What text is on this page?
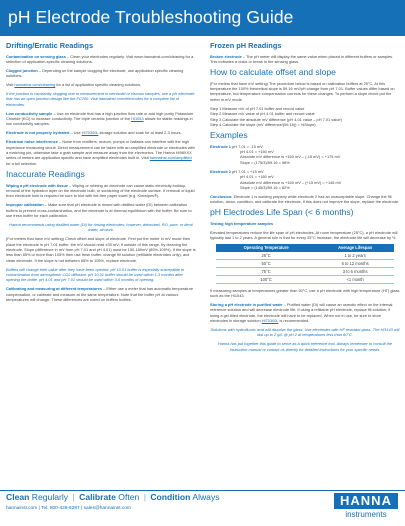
pH Electrode Troubleshooting Guide
Drifting/Erratic Readings

Contamination on sensing glass – Clean your electrodes regularly. Visit www.hannainst.com/cleaning for a selection of application-specific cleaning solutions.

Clogged junction – Depending on the sample clogging the electrode, use application specific cleaning solutions.

Visit hannainst.com/cleaning for a list of application specific cleaning solutions.

If the junction is constantly clogging due to measurement in semisolid or viscous samples, use a pH electrode that has an open junction design like the FC200. Visit hannainst.com/electrodes for a complete list of electrodes.

Low conductivity sample – Use an electrode that has a high junction flow rate or add high purity Potassium Chloride (KCl) to increase conductivity. The triple ceramic junction of the HI1053 allows for stable readings in low conductivity samples.

Electrode is not properly hydrated – Use HI70300L storage solution and soak for at least 2-3 hours.

Electrical noise interference – Noise from rectifiers, motors, pumps or ballasts can interfere with the high impedance measuring circuit. Direct measurement can be taken with an amplified electrode or electrodes with a matching pin, otherwise take a grab sample and measure away from the electronics. The Hanna HI98XXX series of meters are application specific and have amplified electrodes built in. Visit hannainst.com/amplified for a full selection.

Inaccurate Readings

Wiping a pH electrode with tissue – Wiping or rubbing an electrode can cause static electricity buildup, removal of the hydration layer on the electrode bulb, or scratching of the electrode surface. If removal of liquid from electrode bulb is required be sure to blot with lint-free paper towel (e.g. Kimwipes®).

Improper calibration – Make sure that pH electrode is rinsed with distilled water (DI) between calibration buffers to prevent cross-contamination, and the electrode is at thermal equilibrium with the buffer. Be sure to use fresh buffer for each calibration.

Hanna recommends using distilled water (DI) for rinsing electrodes; however, deionized, RO, pure, or demi water, all work.

(For meters that have mV setting) Check offset and slope of electrode. First put the meter in mV mode then place the electrode in pH 7.01 buffer, the mV should read ±30 mV; if outside of this range, try cleaning the electrode. Slope (difference in mV from pH 7.01 and pH 4.01) must be 150-180mV (85%-105%). If the slope is less than 85% or more than 105% then use fresh buffer, change fill solution (refillable electrodes only), and clean electrode. If the slope is not between 85% to 105%, replace electrode.

Buffers will change their value after they have been opened. pH 10.01 buffer is especially susceptible to contamination from atmospheric CO2 diffusion. pH 10.01 buffer should be used within 1-3 months after opening the bottle. pH 4.01 and pH 7.01 should be used within 3-6 months of opening.

Calibrating and measuring at different temperatures – Either use a meter that has automatic temperature compensation, or calibrate and measure at the same temperature. Note that the buffer pH at various temperatures will change. These differences are noted on buffers bottles.

Frozen pH Readings

Broken electrode – The pH meter will display the same value when placed in different buffers or samples. This indicates a crack or break in the sensing glass.

How to calculate offset and slope

(For meters that have mV setting) The procedure below is based on calibration buffers at 25°C. At this temperature the 100% theoretical slope is 59.16 mV/pH change from pH 7.01. Buffer values differ based on temperature, but temperature compensation corrects for these changes. To perform a slope check put the meter in mV mode.

Step 1 Measure mV of pH 7.01 buffer and record value
Step 2 Measure mV value of pH 4.01 buffer and record value
Step 3 Calculate the absolute mV difference (pH 4.01 value – pH 7.01 value)
Step 4 Calculate the slope (mV difference/(59.16)) = %Slope)

Examples

Electrode 1 pH 7.01 = -15 mV
pH 4.01 = +160 mV
Absolute mV difference is +160 mV – (-15 mV) = +175 mV
Slope = (175/3)/59.16 = 98%

Electrode 2 pH 7.01 = +15 mV
pH 4.01 = +160 mV
Absolute mV difference is +160 mV – (+15 mV) = +145 mV
Slope = (145/3)/59.16 = 82%

Conclusion: Electrode 1 is working properly while electrode 2 has an unacceptable slope. Change the fill solution, clean, condition, and calibrate the electrode, if this does not improve the slope, replace the electrode.

pH Electrodes Life Span (< 6 months)

Testing high temperature samples

Elevated temperatures reduce the life span of pH electrodes. At room temperature (25°C), a pH electrode will typically last 1 to 2 years. A general rule is that for every 25°C increase, the electrode life will decrease by ½.

Operating Temperature	Average Lifespan
25°C	1 to 2 years
50°C	6 to 12 months
75°C	3 to 6 months
100°C	<1 month

If measuring samples at temperatures greater than 50°C, use a pH electrode with high temperature (HT) glass such as the HI1043.

Storing a pH electrode in purified water – Purified water (DI) will cause an osmotic effect on the internal reference solution and will decrease electrode life. If using a refillable pH electrode, replace fill solution; if using a gel-filled electrode, the electrode will have to be replaced. When not in use, be sure to store electrodes in storage solution HI70300L is recommended.

Solutions with hydrofluoric acid will dissolve the glass. Use electrodes with HF resistant glass. The HI1143 will last up to 2 g/L @ pH 2 at temperatures less than 60°C.

Hanna has put together this guide to serve as a quick reference tool. Always remember to consult the instruction manual or contact us directly for detailed instructions for your specific needs.

Clean Regularly | Calibrate Often | Condition Always
hannainst.com | Tel. 800-426-6287 | sales@hannainst.com
HANNA
instruments
